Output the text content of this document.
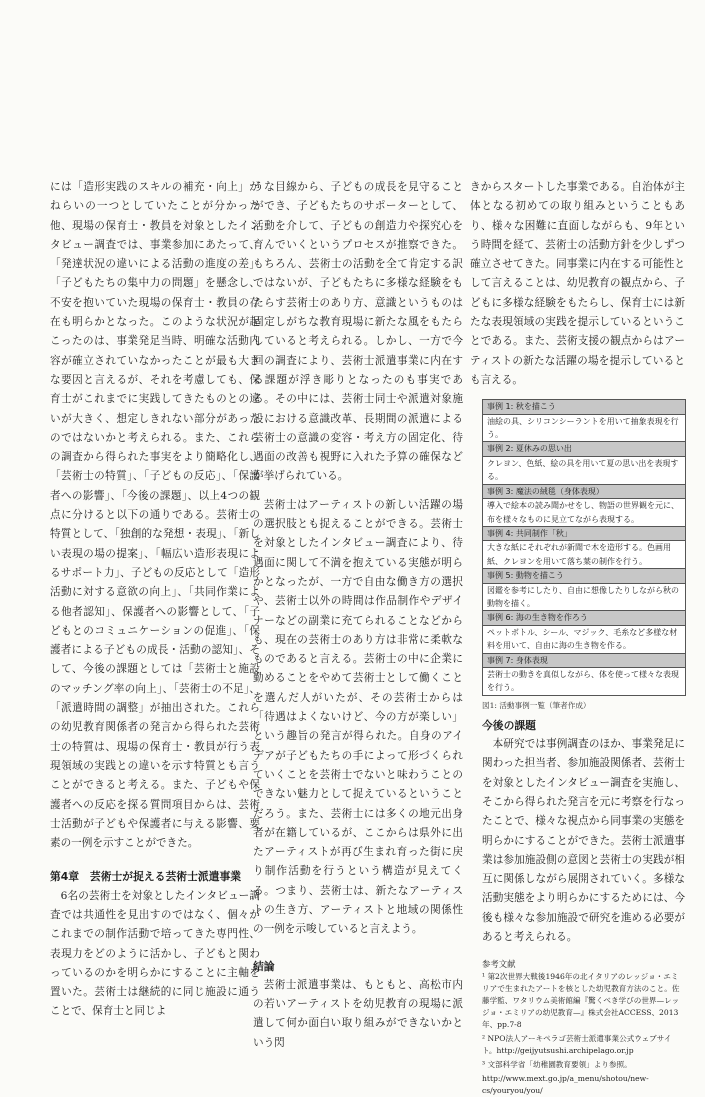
には「造形実践のスキルの補充・向上」がねらいの一つとしていたことが分かった他、現場の保育士・教員を対象としたインタビュー調査では、事業参加にあたって、「発達状況の違いによる活動の進度の差」「子どもたちの集中力の問題」を懸念し、不安を抱いていた現場の保育士・教員の存在も明らかとなった。このような状況が起こったのは、事業発足当時、明確な活動内容が確立されていなかったことが最も大きな要因と言えるが、それを考慮しても、保育士がこれまでに実践してきたものとの違いが大きく、想定しきれない部分があったのではないかと考えられる。また、これらの調査から得られた事実をより簡略化し、「芸術士の特質」、「子どもの反応」、「保護者への影響」、「今後の課題」、以上4つの観点に分けると以下の通りである。芸術士の特質として、「独創的な発想・表現」、「新しい表現の場の提案」、「幅広い造形表現によるサポート力」、子どもの反応として「造形活動に対する意欲の向上」、「共同作業による他者認知」、保護者への影響として、「子どもとのコミュニケーションの促進」、「保護者による子どもの成長・活動の認知」、そして、今後の課題としては「芸術士と施設のマッチング率の向上」、「芸術士の不足」、「派遣時間の調整」が抽出された。これらの幼児教育関係者の発言から得られた芸術士の特質は、現場の保育士・教員が行う表現領域の実践との違いを示す特質とも言うことができると考える。また、子どもや保護者への反応を探る質問項目からは、芸術士活動が子どもや保護者に与える影響、要素の一例を示すことができた。

第4章　芸術士が捉える芸術士派遣事業

6名の芸術士を対象としたインタビュー調査では共通性を見出すのではなく、個々がこれまでの制作活動で培ってきた専門性、表現力をどのように活かし、子どもと関わっているのかを明らかにすることに主軸を置いた。芸術士は継続的に同じ施設に通うことで、保育士と同じよ

うな目線から、子どもの成長を見守ることができ、子どもたちのサポーターとして、活動を介して、子どもの創造力や探究心を育んでいくというプロセスが推察できた。もちろん、芸術士の活動を全て肯定する訳ではないが、子どもたちに多様な経験をもたらす芸術士のあり方、意識というものは固定しがちな教育現場に新たな風をもたらしていると考えられる。しかし、一方で今回の調査により、芸術士派遣事業に内在する課題が浮き彫りとなったのも事実である。その中には、芸術士同士や派遣対象施設における意識改革、長期間の派遣による芸術士の意識の変容・考え方の固定化、待遇面の改善も視野に入れた予算の確保などが挙げられている。

芸術士はアーティストの新しい活躍の場の選択肢とも捉えることができる。芸術士を対象としたインタビュー調査により、待遇面に関して不満を抱えている実態が明らかとなったが、一方で自由な働き方の選択や、芸術士以外の時間は作品制作やデザイナーなどの副業に充てられることなどからも、現在の芸術士のあり方は非常に柔軟なものであると言える。芸術士の中に企業に勤めることをやめて芸術士として働くことを選んだ人がいたが、その芸術士からは「待遇はよくないけど、今の方が楽しい」という趣旨の発言が得られた。自身のアイデアが子どもたちの手によって形づくられていくことを芸術士でないと味わうことのできない魅力として捉えているということだろう。また、芸術士には多くの地元出身者が在籍しているが、ここからは県外に出たアーティストが再び生まれ育った街に戻り制作活動を行うという構造が見えてくる。つまり、芸術士は、新たなアーティストの生き方、アーティストと地域の関係性の一例を示唆していると言えよう。

結論

芸術士派遣事業は、もともと、高松市内の若いアーティストを幼児教育の現場に派遣して何か面白い取り組みができないかという閃

きからスタートした事業である。自治体が主体となる初めての取り組みということもあり、様々な困難に直面しながらも、9年という時間を経て、芸術士の活動方針を少しずつ確立させてきた。同事業に内在する可能性として言えることは、幼児教育の観点から、子どもに多様な経験をもたらし、保育士には新たな表現領域の実践を提示しているということである。また、芸術支援の観点からはアーティストの新たな活躍の場を提示しているとも言える。

事例 1: 秋を描こう
油絵の具、シリコンシーラントを用いて抽象表現を行う。
事例 2: 夏休みの思い出
クレヨン、色紙、絵の具を用いて夏の思い出を表現する。
事例 3: 魔法の絨毯（身体表現）
導入で絵本の読み聞かせをし、物語の世界観を元に、布を様々なものに見立てながら表現する。
事例 4: 共同制作「秋」
大きな紙にそれぞれが新聞で木を造形する。色画用紙、クレヨンを用いて落ち葉の制作を行う。
事例 5: 動物を描こう
図鑑を参考にしたり、自由に想像したりしながら秋の動物を描く。
事例 6: 海の生き物を作ろう
ペットボトル、シール、マジック、毛糸など多様な材料を用いて、自由に海の生き物を作る。
事例 7: 身体表現
芸術士の動きを真似しながら、体を使って様々な表現を行う。
図1: 活動事例一覧（筆者作成）
今後の課題

本研究では事例調査のほか、事業発足に関わった担当者、参加施設関係者、芸術士を対象としたインタビュー調査を実施し、そこから得られた発言を元に考察を行なったことで、様々な視点から同事業の実態を明らかにすることができた。芸術士派遣事業は参加施設側の意図と芸術士の実践が相互に関係しながら展開されていく。多様な活動実態をより明らかにするためには、今後も様々な参加施設で研究を進める必要があると考えられる。

参考文献
¹ 第2次世界大戦後1946年の北イタリアのレッジョ・エミリアで生まれたアートを核とした幼児教育方法のこと。佐藤学監、ワタリウム美術館編『驚くべき学びの世界—レッジョ・エミリアの幼児教育—』株式会社ACCESS、2013年、pp.7-8
² NPO法人アーキペラゴ芸術士派遣事業公式ウェブサイト。http://geijyutsushi.archipelago.or.jp
³ 文部科学省「幼稚園教育要領」より参照。
http://www.mext.go.jp/a_menu/shotou/new-cs/youryou/you/
